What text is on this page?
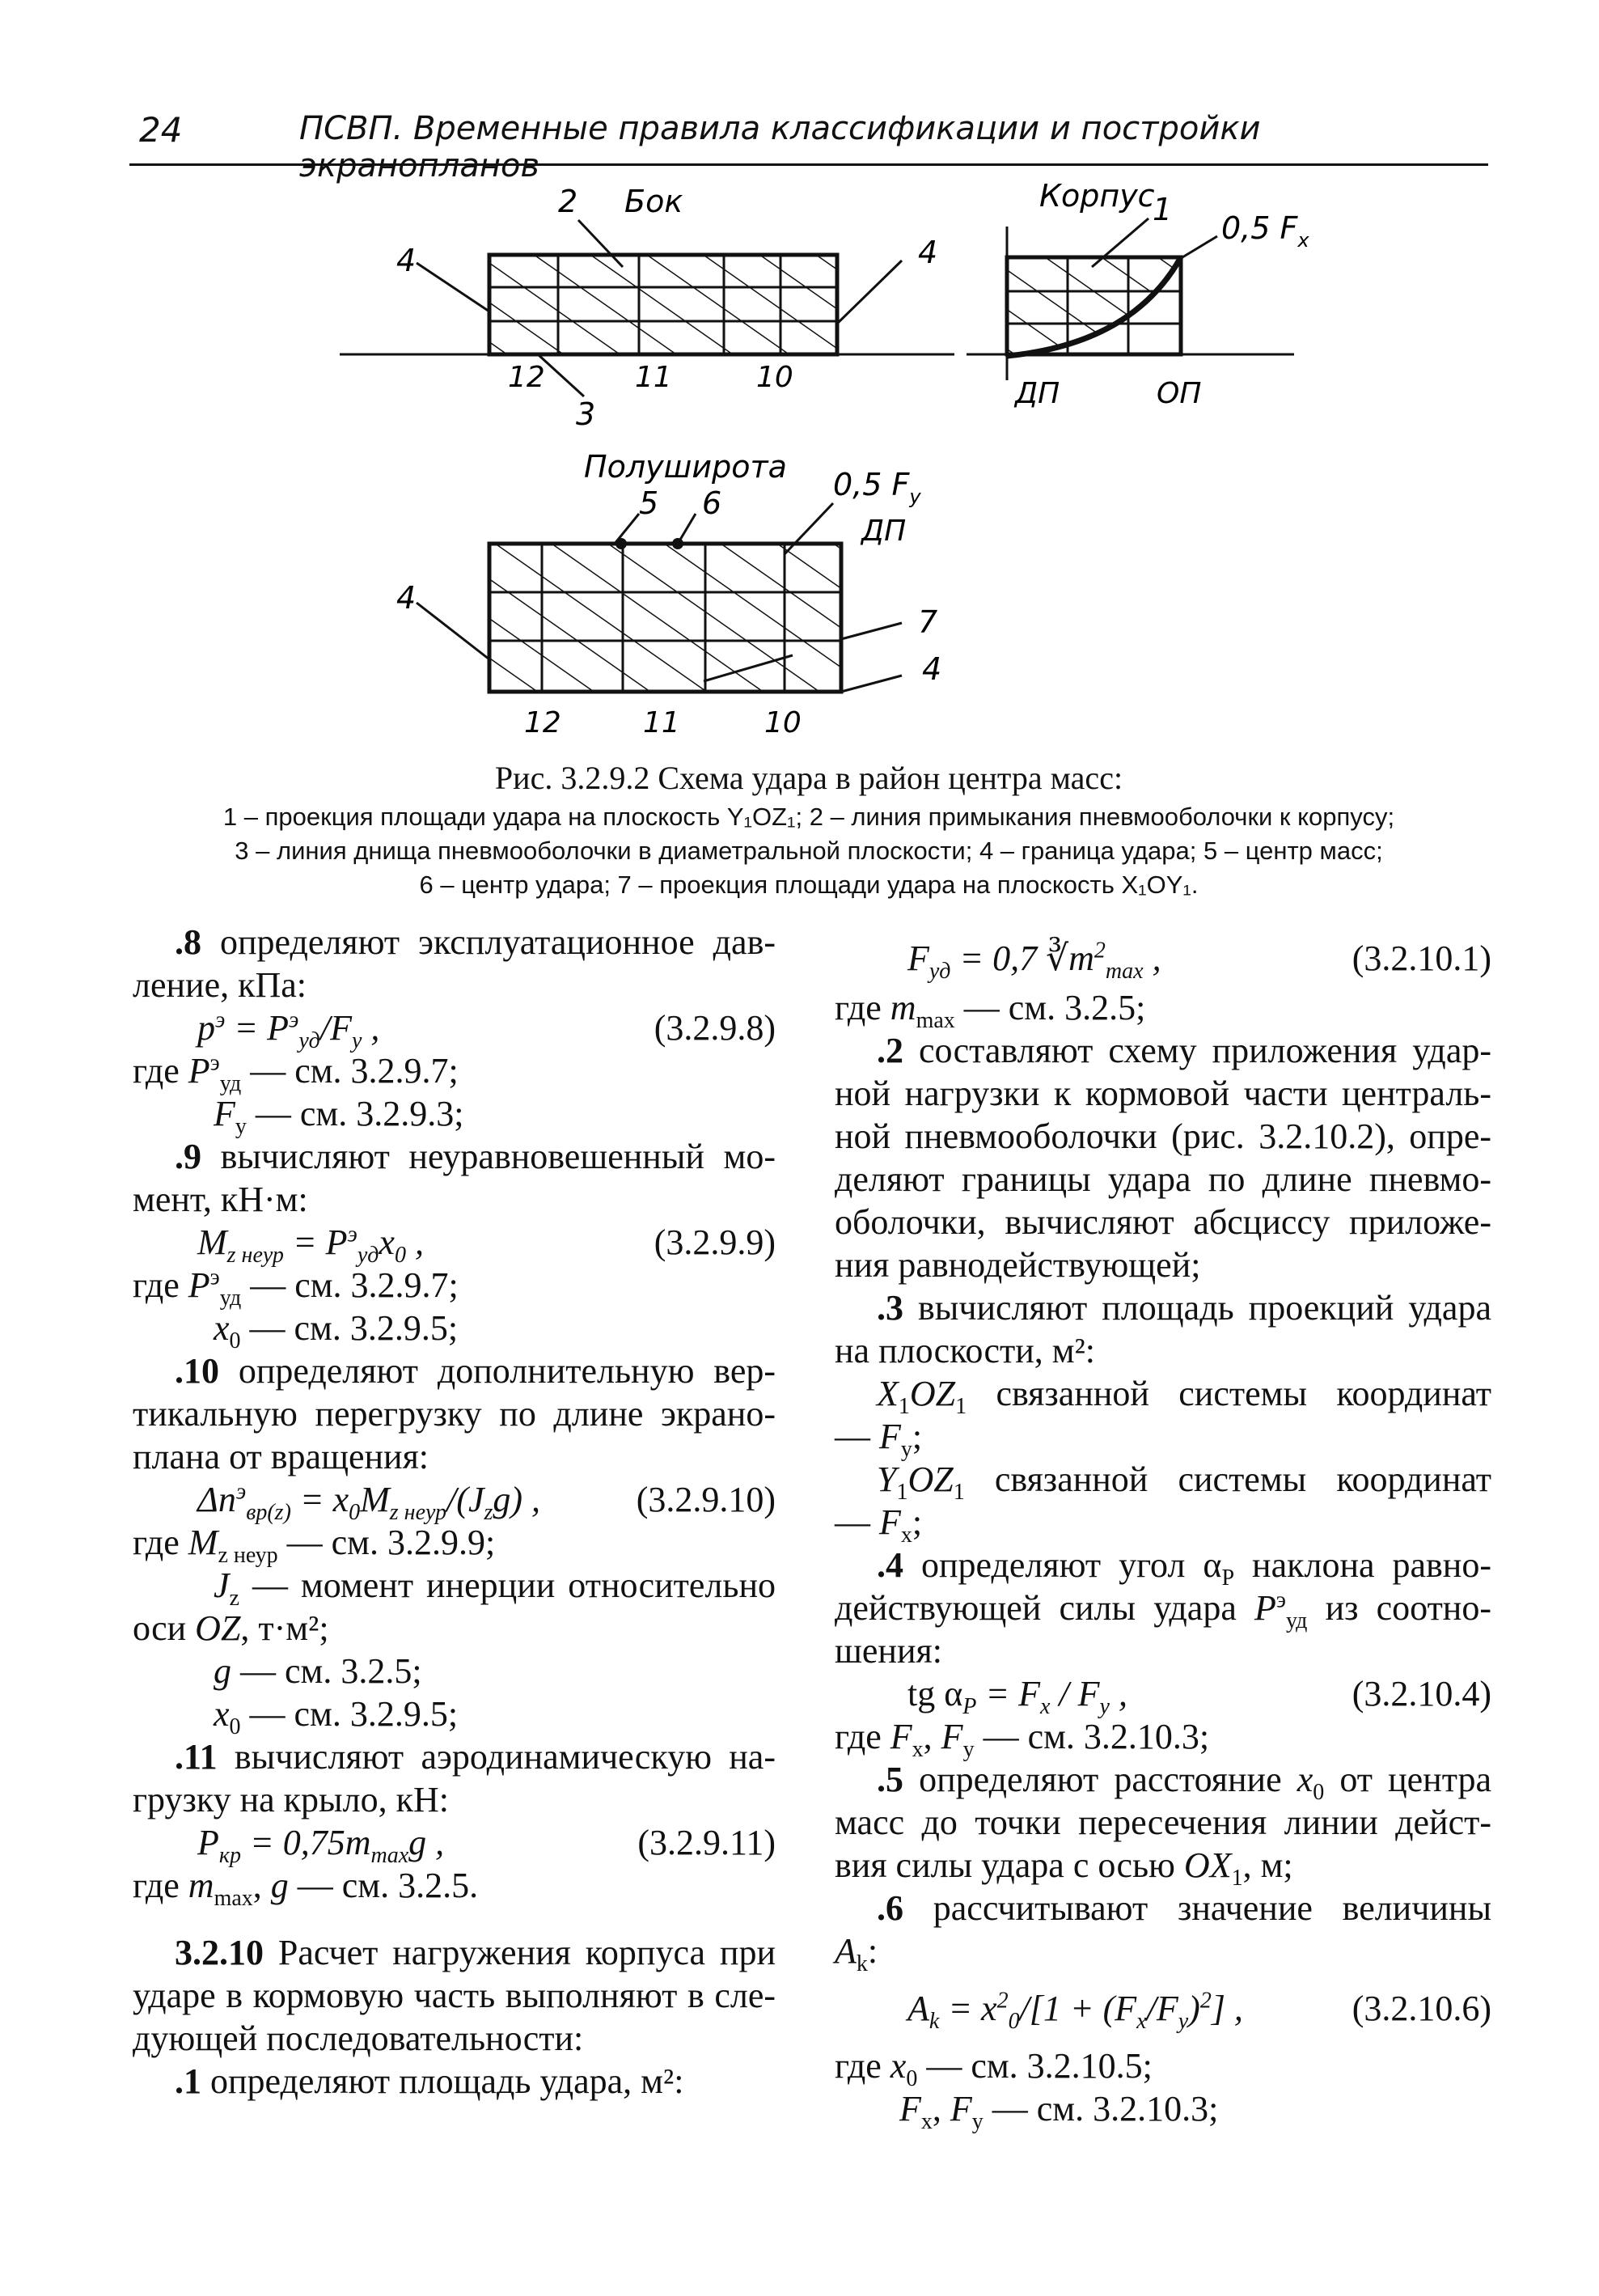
24	ПСВП. Временные правила классификации и постройки экранопланов
2 Бок
4	4
12	11	10
3
Корпус
1
0,5 $F_x$
ДП	ОП
Полуширота
5 6
0,5 $F_y$
ДП
4
7
4
12	11	10
Рис. 3.2.9.2 Схема удара в район центра масс:
1 – проекция площади удара на плоскость Y₁OZ₁; 2 – линия примыкания пневмооболочки к корпусу;
3 – линия днища пневмооболочки в диаметральной плоскости; 4 – граница удара; 5 – центр масс;
6 – центр удара; 7 – проекция площади удара на плоскость X₁OY₁.

.8 определяют эксплуатационное дав-

ление, кПа:

$p^э = P^э_{уд}/F_y$ ,	(3.2.9.8)

где $P^э_{уд}$ — см. 3.2.9.7;

$F_y$ — см. 3.2.9.3;

.9 вычисляют неуравновешенный мо-

мент, кН·м:

$M_{z неур} = P^э_{уд}x_0$ ,	(3.2.9.9)

где $P^э_{уд}$ — см. 3.2.9.7;

$x_0$ — см. 3.2.9.5;

.10 определяют дополнительную вер-

тикальную перегрузку по длине экрано-

плана от вращения:

$\Delta n^э_{вр(z)} = x_0M_{z неур}/(J_zg)$ ,	(3.2.9.10)

где $M_{z неур}$ — см. 3.2.9.9;

$J_z$ — момент инерции относительно

оси OZ, т·м²;

g — см. 3.2.5;

$x_0$ — см. 3.2.9.5;

.11 вычисляют аэродинамическую на-

грузку на крыло, кН:

$P_{кр} = 0,75m_{max}g$ ,	(3.2.9.11)

где $m_{max}$, g — см. 3.2.5.

3.2.10 Расчет нагружения корпуса при

ударе в кормовую часть выполняют в сле-

дующей последовательности:

.1 определяют площадь удара, м²:

$F_{уд} = 0,7$ $∛m^2_{max}$ ,	(3.2.10.1)

где $m_{max}$ — см. 3.2.5;

.2 составляют схему приложения удар-

ной нагрузки к кормовой части централь-

ной пневмооболочки (рис. 3.2.10.2), опре-

деляют границы удара по длине пневмо-

оболочки, вычисляют абсциссу приложе-

ния равнодействующей;

.3 вычисляют площадь проекций удара

на плоскости, м²:

$X_1OZ_1$ связанной системы координат

— $F_y$;

$Y_1OZ_1$ связанной системы координат

— $F_x$;

.4 определяют угол $\alpha_P$ наклона равно-

действующей силы удара $P^э_{уд}$ из соотно-

шения:

tg $\alpha_P = F_x / F_y$ ,	(3.2.10.4)

где $F_x$, $F_y$ — см. 3.2.10.3;

.5 определяют расстояние $x_0$ от центра

масс до точки пересечения линии дейст-

вия силы удара с осью $OX_1$, м;

.6 рассчитывают значение величины

$A_k$:

$A_k = x^2_0/[1 + (F_x/F_y)^2]$ ,	(3.2.10.6)

где $x_0$ — см. 3.2.10.5;

$F_x$, $F_y$ — см. 3.2.10.3;
